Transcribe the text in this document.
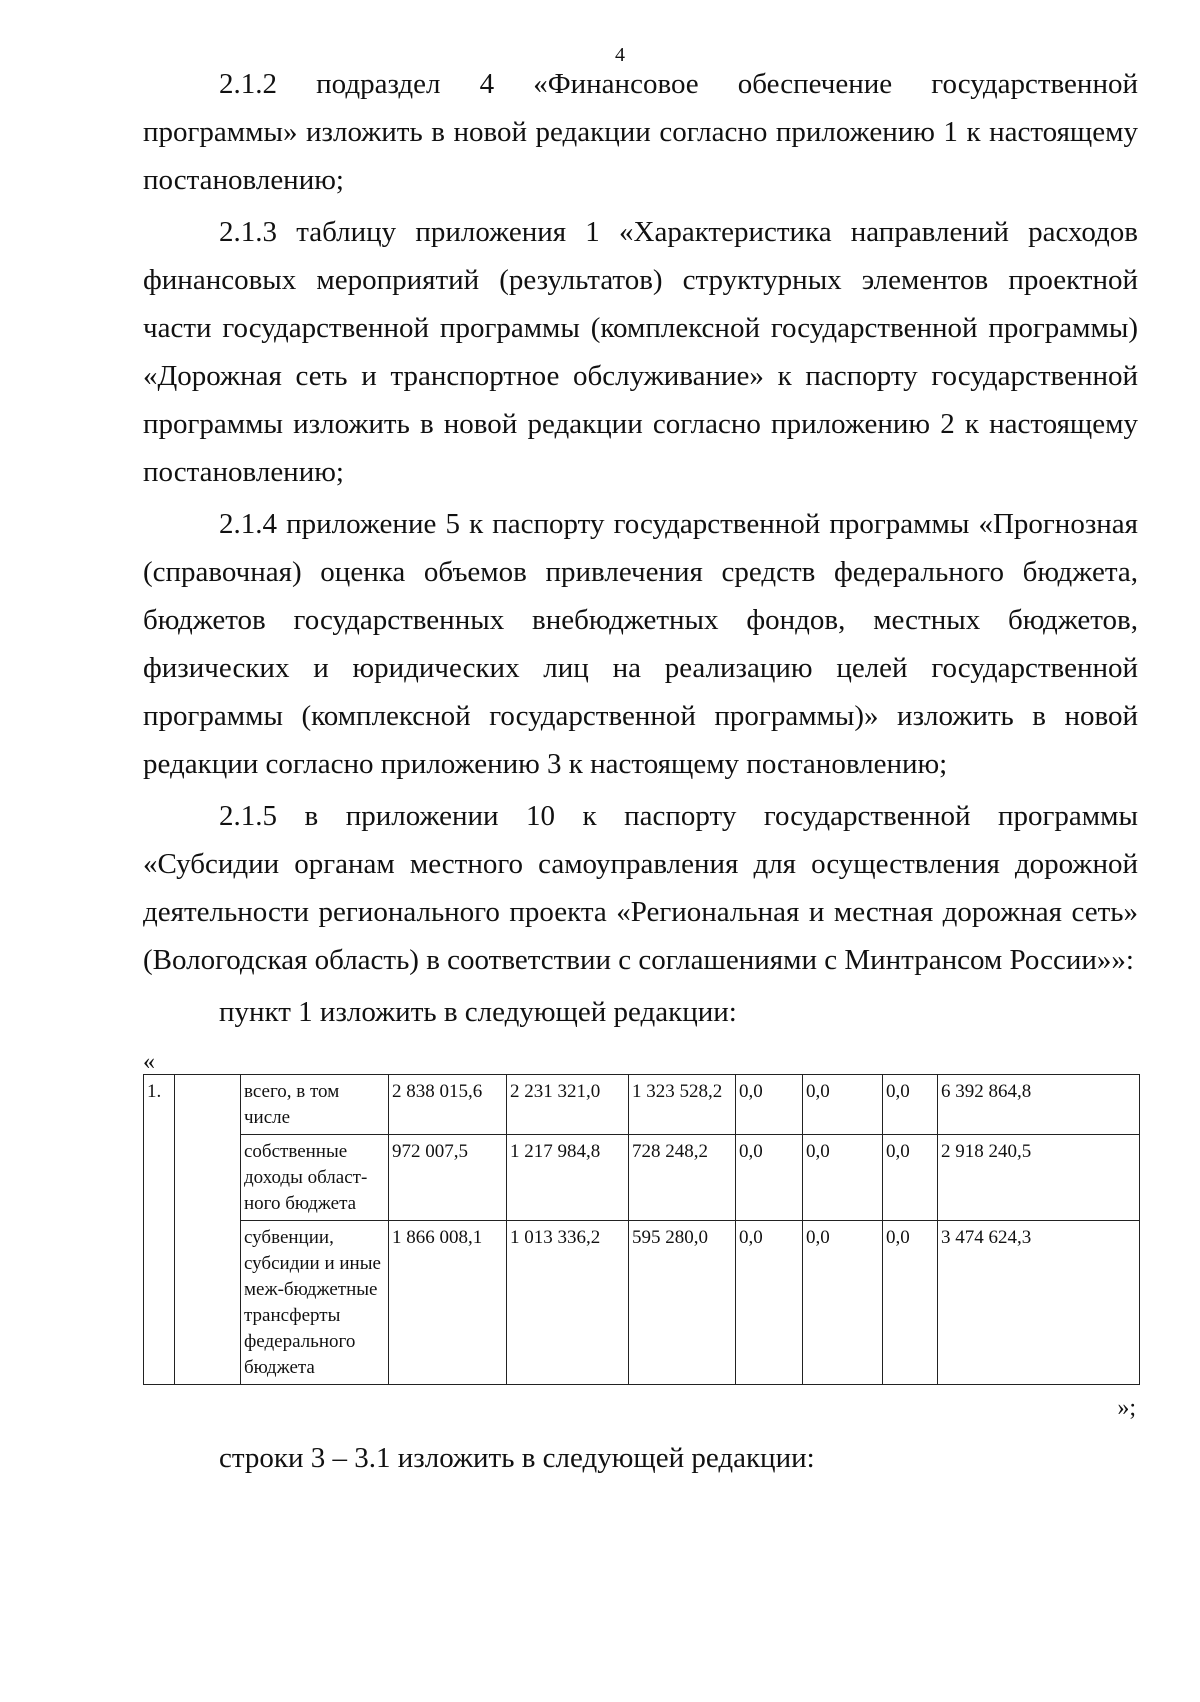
4

2.1.2 подраздел 4 «Финансовое обеспечение государственной программы» изложить в новой редакции согласно приложению 1 к настоящему постановлению;

2.1.3 таблицу приложения 1 «Характеристика направлений расходов финансовых мероприятий (результатов) структурных элементов проектной части государственной программы (комплексной государственной программы) «Дорожная сеть и транспортное обслуживание» к паспорту государственной программы изложить в новой редакции согласно приложению 2 к настоящему постановлению;

2.1.4 приложение 5 к паспорту государственной программы «Прогнозная (справочная) оценка объемов привлечения средств федерального бюджета, бюджетов государственных внебюджетных фондов, местных бюджетов, физических и юридических лиц на реализацию целей государственной программы (комплексной государственной программы)» изложить в новой редакции согласно приложению 3 к настоящему постановлению;

2.1.5 в приложении 10 к паспорту государственной программы «Субсидии органам местного самоуправления для осуществления дорожной деятельности регионального проекта «Региональная и местная дорожная сеть» (Вологодская область) в соответствии с соглашениями с Минтрансом России»»:

пункт 1 изложить в следующей редакции:

«
1.		всего, в том числе	2 838 015,6	2 231 321,0	1 323 528,2	0,0	0,0	0,0	6 392 864,8
		собственные доходы област-ного бюджета	972 007,5	1 217 984,8	728 248,2	0,0	0,0	0,0	2 918 240,5
		субвенции, субсидии и иные меж-бюджетные трансферты федерального бюджета	1 866 008,1	1 013 336,2	595 280,0	0,0	0,0	0,0	3 474 624,3
»;

строки 3 – 3.1 изложить в следующей редакции:
